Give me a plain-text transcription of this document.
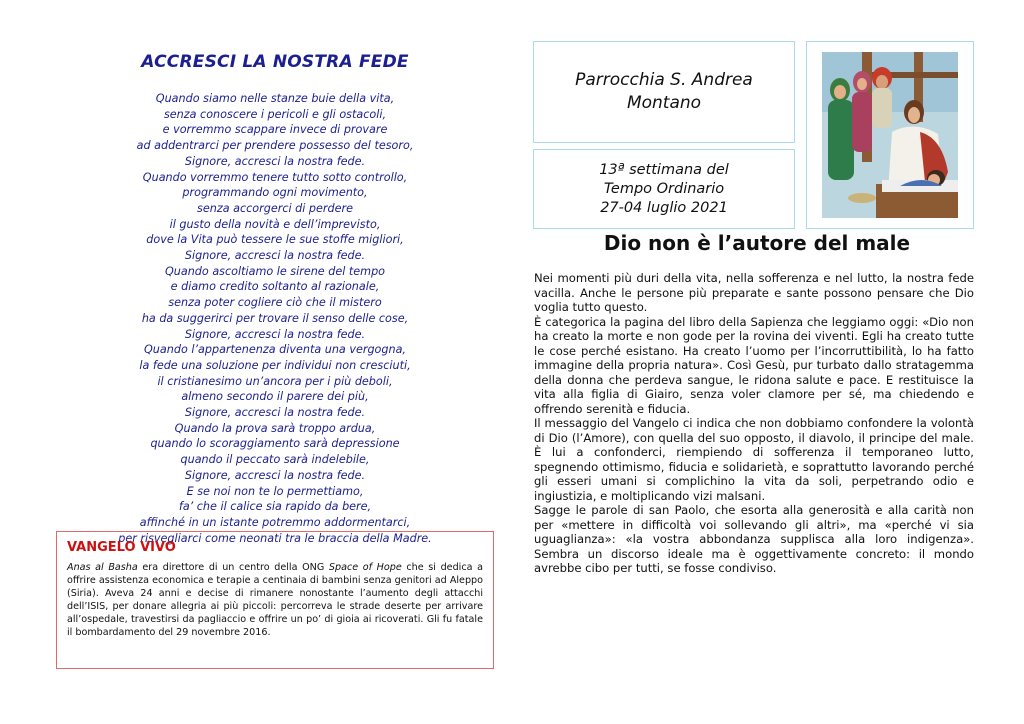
ACCRESCI LA NOSTRA FEDE
Quando siamo nelle stanze buie della vita,
senza conoscere i pericoli e gli ostacoli,
e vorremmo scappare invece di provare
ad addentrarci per prendere possesso del tesoro,
Signore, accresci la nostra fede.
Quando vorremmo tenere tutto sotto controllo,
programmando ogni movimento,
senza accorgerci di perdere
il gusto della novità e dell’imprevisto,
dove la Vita può tessere le sue stoffe migliori,
Signore, accresci la nostra fede.
Quando ascoltiamo le sirene del tempo
e diamo credito soltanto al razionale,
senza poter cogliere ciò che il mistero
ha da suggerirci per trovare il senso delle cose,
Signore, accresci la nostra fede.
Quando l’appartenenza diventa una vergogna,
la fede una soluzione per individui non cresciuti,
il cristianesimo un’ancora per i più deboli,
almeno secondo il parere dei più,
Signore, accresci la nostra fede.
Quando la prova sarà troppo ardua,
quando lo scoraggiamento sarà depressione
quando il peccato sarà indelebile,
Signore, accresci la nostra fede.
E se noi non te lo permettiamo,
fa’ che il calice sia rapido da bere,
affinché in un istante potremmo addormentarci,
per risvegliarci come neonati tra le braccia della Madre.
VANGELO VIVO
Anas al Basha era direttore di un centro della ONG Space of Hope che si dedica a offrire assistenza economica e terapie a centinaia di bambini senza genitori ad Aleppo (Siria). Aveva 24 anni e decise di rimanere nonostante l’aumento degli attacchi dell’ISIS, per donare allegria ai più piccoli: percorreva le strade deserte per arrivare all’ospedale, travestirsi da pagliaccio e offrire un po’ di gioia ai ricoverati. Gli fu fatale il bombardamento del 29 novembre 2016.
Parrocchia S. Andrea
Montano
13ª settimana del
Tempo Ordinario
27-04 luglio 2021
Dio non è l’autore del male

Nei momenti più duri della vita, nella sofferenza e nel lutto, la nostra fede vacilla. Anche le persone più preparate e sante possono pensare che Dio voglia tutto questo.

È categorica la pagina del libro della Sapienza che leggiamo oggi: «Dio non ha creato la morte e non gode per la rovina dei viventi. Egli ha creato tutte le cose perché esistano. Ha creato l’uomo per l’incorruttibilità, lo ha fatto immagine della propria natura». Così Gesù, pur turbato dallo stratagemma della donna che perdeva sangue, le ridona salute e pace. E restituisce la vita alla figlia di Giairo, senza voler clamore per sé, ma chiedendo e offrendo serenità e fiducia.

Il messaggio del Vangelo ci indica che non dobbiamo confondere la volontà di Dio (l’Amore), con quella del suo opposto, il diavolo, il principe del male. È lui a confonderci, riempiendo di sofferenza il temporaneo lutto, spegnendo ottimismo, fiducia e solidarietà, e soprattutto lavorando perché gli esseri umani si complichino la vita da soli, perpetrando odio e ingiustizia, e moltiplicando vizi malsani.

Sagge le parole di san Paolo, che esorta alla generosità e alla carità non per «mettere in difficoltà voi sollevando gli altri», ma «perché vi sia uguaglianza»: «la vostra abbondanza supplisca alla loro indigenza». Sembra un discorso ideale ma è oggettivamente concreto: il mondo avrebbe cibo per tutti, se fosse condiviso.
